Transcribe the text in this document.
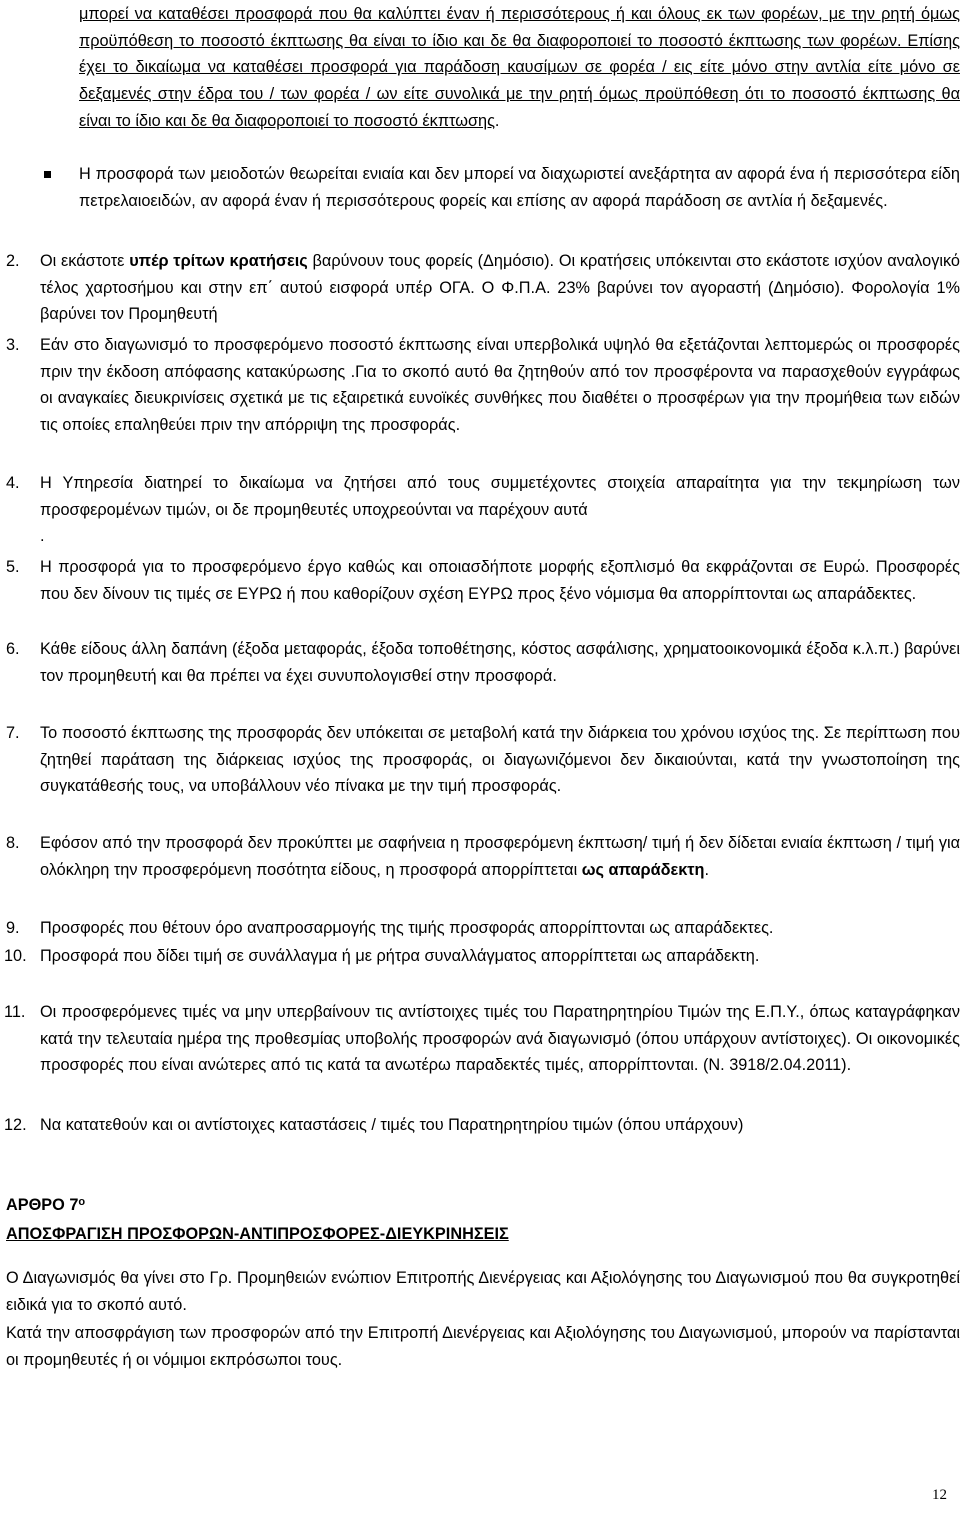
μπορεί να καταθέσει προσφορά που θα καλύπτει έναν ή περισσότερους ή και όλους εκ των φορέων, με την ρητή όμως προϋπόθεση το ποσοστό έκπτωσης θα είναι το ίδιο και δε θα διαφοροποιεί το ποσοστό έκπτωσης των φορέων. Επίσης έχει το δικαίωμα να καταθέσει προσφορά για παράδοση καυσίμων σε φορέα / εις είτε μόνο στην αντλία είτε μόνο σε δεξαμενές στην έδρα του / των φορέα / ων είτε συνολικά με την ρητή όμως προϋπόθεση ότι το ποσοστό έκπτωσης θα είναι το ίδιο και δε θα διαφοροποιεί το ποσοστό έκπτωσης.

Η προσφορά των μειοδοτών θεωρείται ενιαία και δεν μπορεί να διαχωριστεί ανεξάρτητα αν αφορά ένα ή περισσότερα είδη πετρελαιοειδών, αν αφορά έναν ή περισσότερους φορείς και επίσης αν αφορά παράδοση σε αντλία ή δεξαμενές.

2. Οι εκάστοτε υπέρ τρίτων κρατήσεις βαρύνουν τους φορείς (Δημόσιο). Οι κρατήσεις υπόκεινται στο εκάστοτε ισχύον αναλογικό τέλος χαρτοσήμου και στην επ΄ αυτού εισφορά υπέρ ΟΓΑ. Ο Φ.Π.Α. 23% βαρύνει τον αγοραστή (Δημόσιο). Φορολογία 1% βαρύνει τον Προμηθευτή

3. Εάν στο διαγωνισμό το προσφερόμενο ποσοστό έκπτωσης είναι υπερβολικά υψηλό θα εξετάζονται λεπτομερώς οι προσφορές πριν την έκδοση απόφασης κατακύρωσης .Για το σκοπό αυτό θα ζητηθούν από τον προσφέροντα να παρασχεθούν εγγράφως οι αναγκαίες διευκρινίσεις σχετικά με τις εξαιρετικά ευνοϊκές συνθήκες που διαθέτει ο προσφέρων για την προμήθεια των ειδών τις οποίες επαληθεύει πριν την απόρριψη της προσφοράς.

4. Η Υπηρεσία διατηρεί το δικαίωμα να ζητήσει από τους συμμετέχοντες στοιχεία απαραίτητα για την τεκμηρίωση των προσφερομένων τιμών, οι δε προμηθευτές υποχρεούνται να παρέχουν αυτά
.

5. Η προσφορά για το προσφερόμενο έργο καθώς και οποιασδήποτε μορφής εξοπλισμό θα εκφράζονται σε Ευρώ. Προσφορές που δεν δίνουν τις τιμές σε ΕΥΡΩ ή που καθορίζουν σχέση ΕΥΡΩ προς ξένο νόμισμα θα απορρίπτονται ως απαράδεκτες.

6. Κάθε είδους άλλη δαπάνη (έξοδα μεταφοράς, έξοδα τοποθέτησης, κόστος ασφάλισης, χρηματοοικονομικά έξοδα κ.λ.π.) βαρύνει τον προμηθευτή και θα πρέπει να έχει συνυπολογισθεί στην προσφορά.

7. Το ποσοστό έκπτωσης της προσφοράς δεν υπόκειται σε μεταβολή κατά την διάρκεια του χρόνου ισχύος της. Σε περίπτωση που ζητηθεί παράταση της διάρκειας ισχύος της προσφοράς, οι διαγωνιζόμενοι δεν δικαιούνται, κατά την γνωστοποίηση της συγκατάθεσής τους, να υποβάλλουν νέο πίνακα με την τιμή προσφοράς.

8. Εφόσον από την προσφορά δεν προκύπτει με σαφήνεια η προσφερόμενη έκπτωση/ τιμή ή δεν δίδεται ενιαία έκπτωση / τιμή για ολόκληρη την προσφερόμενη ποσότητα είδους, η προσφορά απορρίπτεται ως απαράδεκτη.

9. Προσφορές που θέτουν όρο αναπροσαρμογής της τιμής προσφοράς απορρίπτονται ως απαράδεκτες.

10. Προσφορά που δίδει τιμή σε συνάλλαγμα ή με ρήτρα συναλλάγματος απορρίπτεται ως απαράδεκτη.

11. Οι προσφερόμενες τιμές να μην υπερβαίνουν τις αντίστοιχες τιμές του Παρατηρητηρίου Τιμών της Ε.Π.Υ., όπως καταγράφηκαν κατά την τελευταία ημέρα της προθεσμίας υποβολής προσφορών ανά διαγωνισμό (όπου υπάρχουν αντίστοιχες). Οι οικονομικές προσφορές που είναι ανώτερες από τις κατά τα ανωτέρω παραδεκτές τιμές, απορρίπτονται. (Ν. 3918/2.04.2011).

12. Να κατατεθούν και οι αντίστοιχες καταστάσεις / τιμές του Παρατηρητηρίου τιμών (όπου υπάρχουν)

ΑΡΘΡΟ $7^o$
ΑΠΟΣΦΡΑΓΙΣΗ ΠΡΟΣΦΟΡΩΝ-ΑΝΤΙΠΡΟΣΦΟΡΕΣ-ΔΙΕΥΚΡΙΝΗΣΕΙΣ

Ο Διαγωνισμός θα γίνει στο Γρ. Προμηθειών ενώπιον Επιτροπής Διενέργειας και Αξιολόγησης του Διαγωνισμού που θα συγκροτηθεί ειδικά για το σκοπό αυτό.

Κατά την αποσφράγιση των προσφορών από την Επιτροπή Διενέργειας και Αξιολόγησης του Διαγωνισμού, μπορούν να παρίστανται οι προμηθευτές ή οι νόμιμοι εκπρόσωποι τους.

12
